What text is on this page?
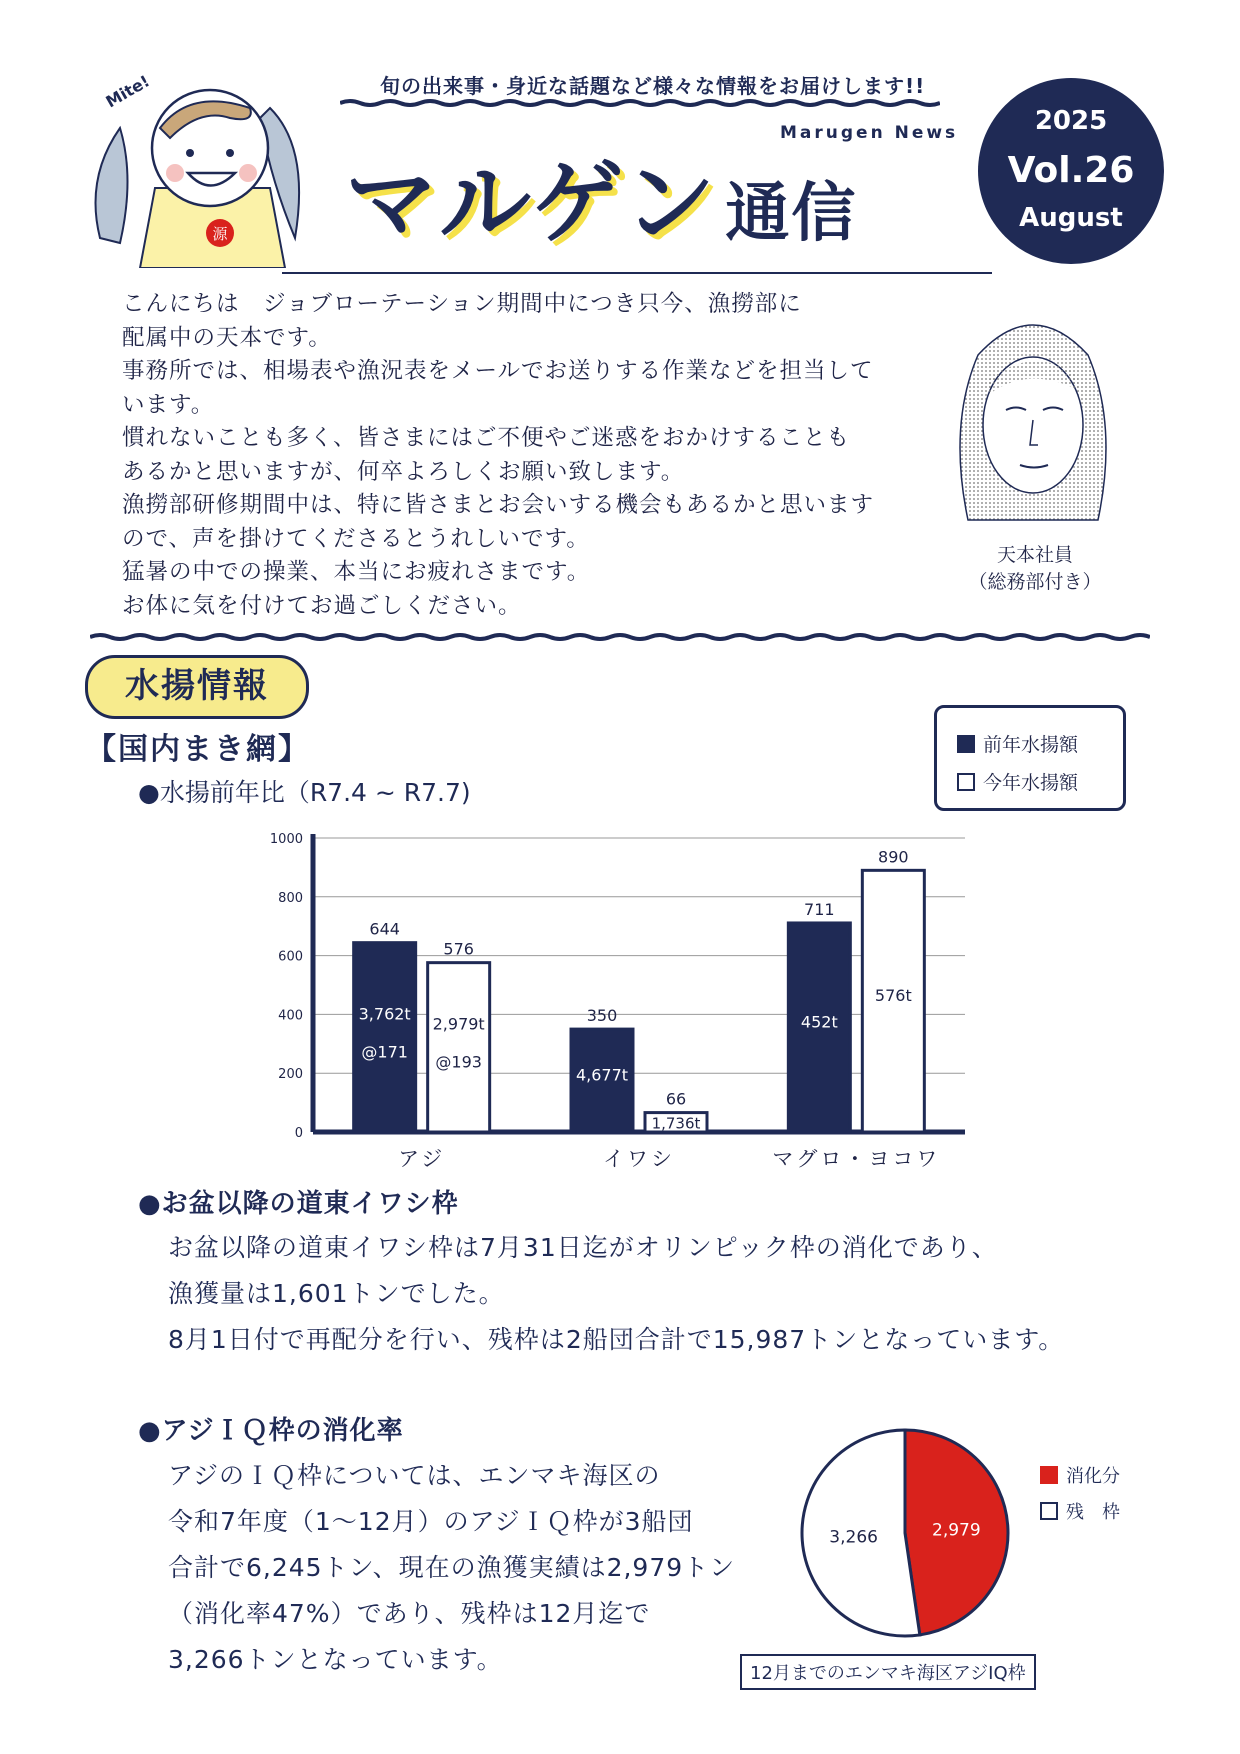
旬の出来事・身近な話題など様々な情報をお届けします!!
源
Mite!
Marugen News
マルゲン 通信
2025
Vol.26
August

こんにちは　ジョブローテーション期間中につき只今、漁撈部に

配属中の天本です。

事務所では、相場表や漁況表をメールでお送りする作業などを担当して

います。

慣れないことも多く、皆さまにはご不便やご迷惑をおかけすることも

あるかと思いますが、何卒よろしくお願い致します。

漁撈部研修期間中は、特に皆さまとお会いする機会もあるかと思います

ので、声を掛けてくださるとうれしいです。

猛暑の中での操業、本当にお疲れさまです。

お体に気を付けてお過ごしください。

天本社員
（総務部付き）
水揚情報
【国内まき網】
●水揚前年比（R7.4 ~ R7.7)
前年水揚額
今年水揚額
0
200
400
600
800
1000
644
3,762t
@171
576
2,979t
@193
アジ
350
4,677t
66
1,736t
イワシ
711
452t
890
576t
マグロ・ヨコワ
●お盆以降の道東イワシ枠

お盆以降の道東イワシ枠は7月31日迄がオリンピック枠の消化であり、

漁獲量は1,601トンでした。

8月1日付で再配分を行い、残枠は2船団合計で15,987トンとなっています。

●アジＩＱ枠の消化率

アジのＩＱ枠については、エンマキ海区の

令和7年度（1～12月）のアジＩＱ枠が3船団

合計で6,245トン、現在の漁獲実績は2,979トン

（消化率47%）であり、残枠は12月迄で

3,266トンとなっています。

2,979
3,266
消化分
残　枠
12月までのエンマキ海区アジIQ枠
